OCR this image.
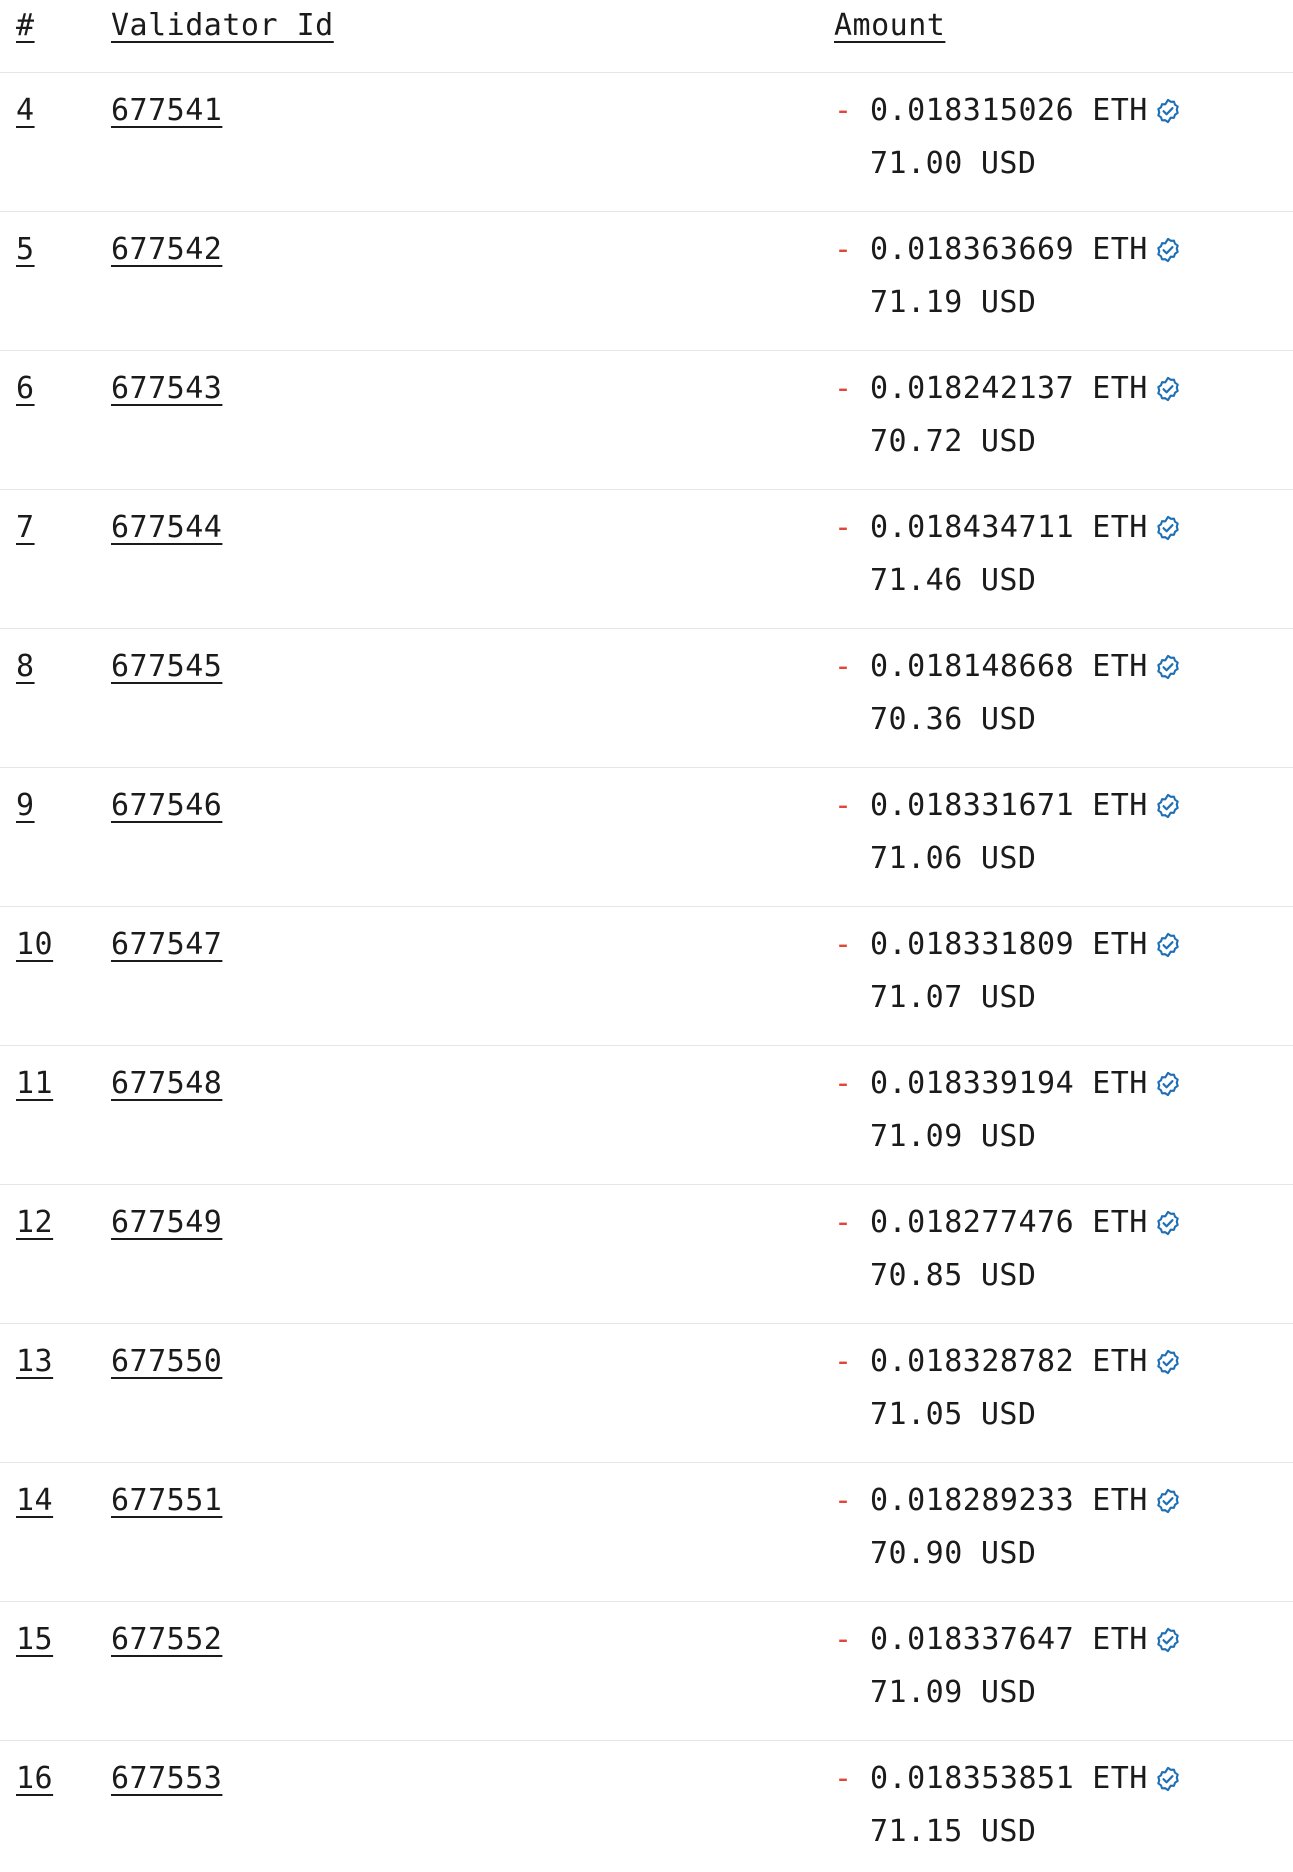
#	Validator Id	Amount
4	677541	- 0.018315026 ETH
71.00 USD
5	677542	- 0.018363669 ETH
71.19 USD
6	677543	- 0.018242137 ETH
70.72 USD
7	677544	- 0.018434711 ETH
71.46 USD
8	677545	- 0.018148668 ETH
70.36 USD
9	677546	- 0.018331671 ETH
71.06 USD
10 677547	- 0.018331809 ETH
71.07 USD
11 677548	- 0.018339194 ETH
71.09 USD
12 677549	- 0.018277476 ETH
70.85 USD
13 677550	- 0.018328782 ETH
71.05 USD
14 677551	- 0.018289233 ETH
70.90 USD
15 677552	- 0.018337647 ETH
71.09 USD
16 677553	- 0.018353851 ETH
71.15 USD
